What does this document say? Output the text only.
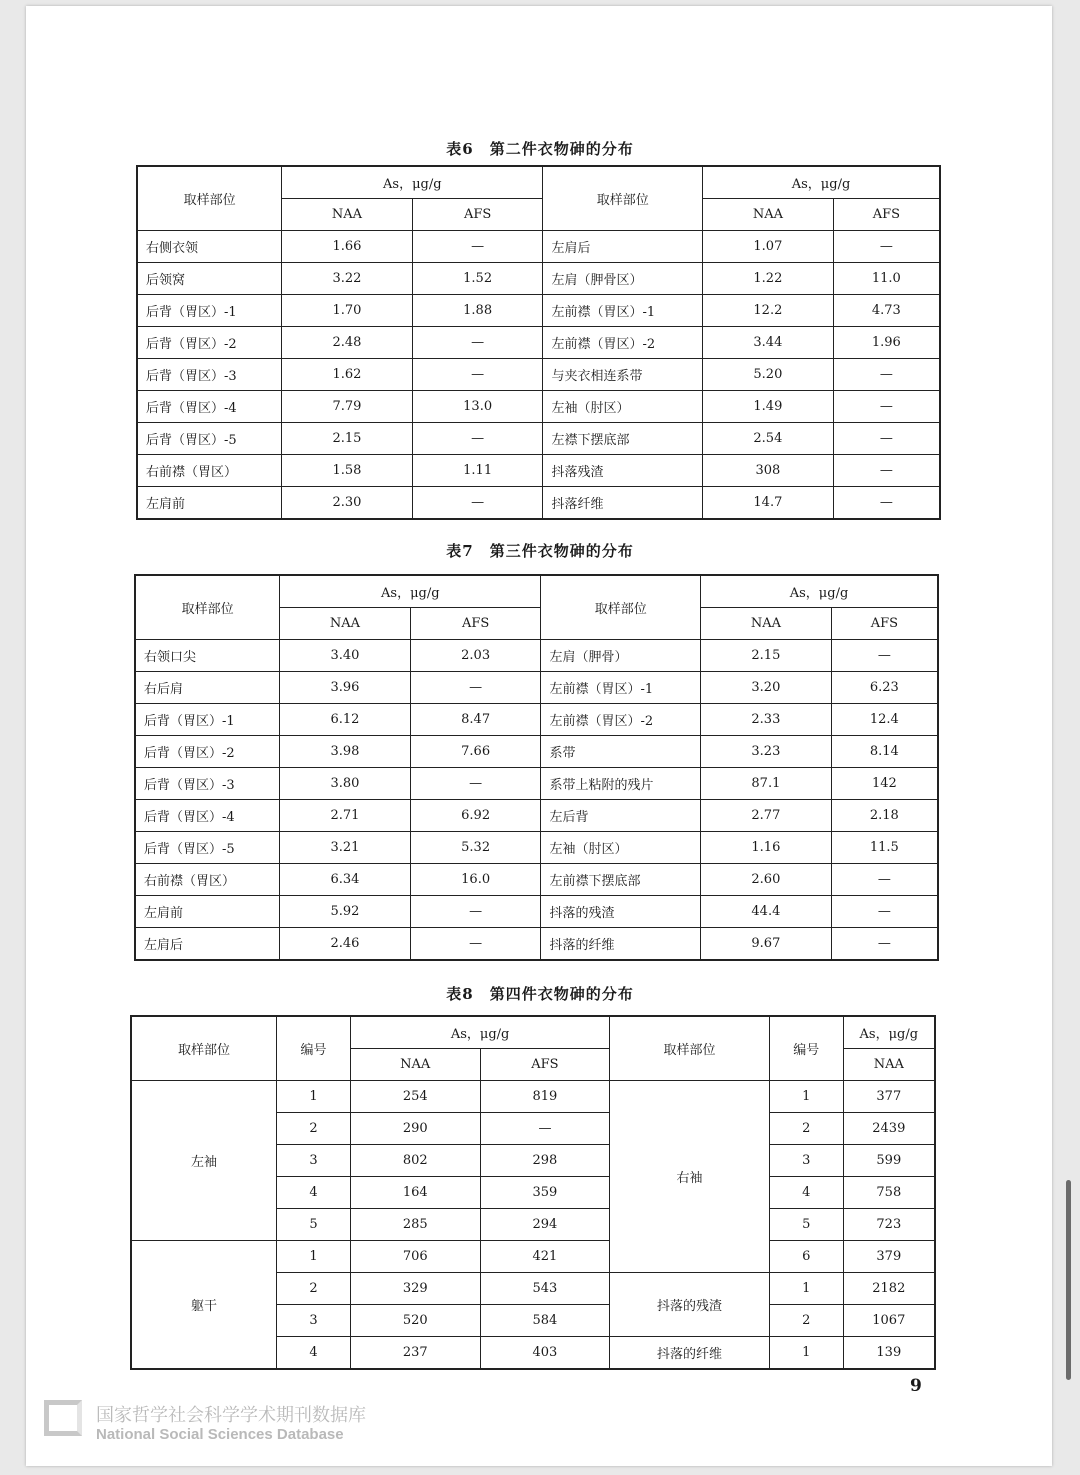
表6　第二件衣物砷的分布
取样部位	As，μg/g		取样部位	As，μg/g	
	NAA	AFS		NAA	AFS
右侧衣领	1.66	—	左肩后	1.07	—
后领窝	3.22	1.52	左肩（胛骨区）	1.22	11.0
后背（胃区）-1	1.70	1.88	左前襟（胃区）-1	12.2	4.73
后背（胃区）-2	2.48	—	左前襟（胃区）-2	3.44	1.96
后背（胃区）-3	1.62	—	与夹衣相连系带	5.20	—
后背（胃区）-4	7.79	13.0	左袖（肘区）	1.49	—
后背（胃区）-5	2.15	—	左襟下摆底部	2.54	—
右前襟（胃区）	1.58	1.11	抖落残渣	308	—
左肩前	2.30	—	抖落纤维	14.7	—
表7　第三件衣物砷的分布
取样部位	As，μg/g		取样部位	As，μg/g	
	NAA	AFS		NAA	AFS
右领口尖	3.40	2.03	左肩（胛骨）	2.15	—
右后肩	3.96	—	左前襟（胃区）-1	3.20	6.23
后背（胃区）-1	6.12	8.47	左前襟（胃区）-2	2.33	12.4
后背（胃区）-2	3.98	7.66	系带	3.23	8.14
后背（胃区）-3	3.80	—	系带上粘附的残片	87.1	142
后背（胃区）-4	2.71	6.92	左后背	2.77	2.18
后背（胃区）-5	3.21	5.32	左袖（肘区）	1.16	11.5
右前襟（胃区）	6.34	16.0	左前襟下摆底部	2.60	—
左肩前	5.92	—	抖落的残渣	44.4	—
左肩后	2.46	—	抖落的纤维	9.67	—
表8　第四件衣物砷的分布
取样部位	编号	As，μg/g		取样部位	编号	As，μg/g
		NAA	AFS			NAA
左袖	1	254	819	右袖	1	377
	2	290	—		2	2439
	3	802	298		3	599
	4	164	359		4	758
	5	285	294		5	723
躯干	1	706	421		6	379
	2	329	543	抖落的残渣	1	2182
	3	520	584		2	1067
	4	237	403	抖落的纤维	1	139
9
国家哲学社会科学学术期刊数据库
National Social Sciences Database
